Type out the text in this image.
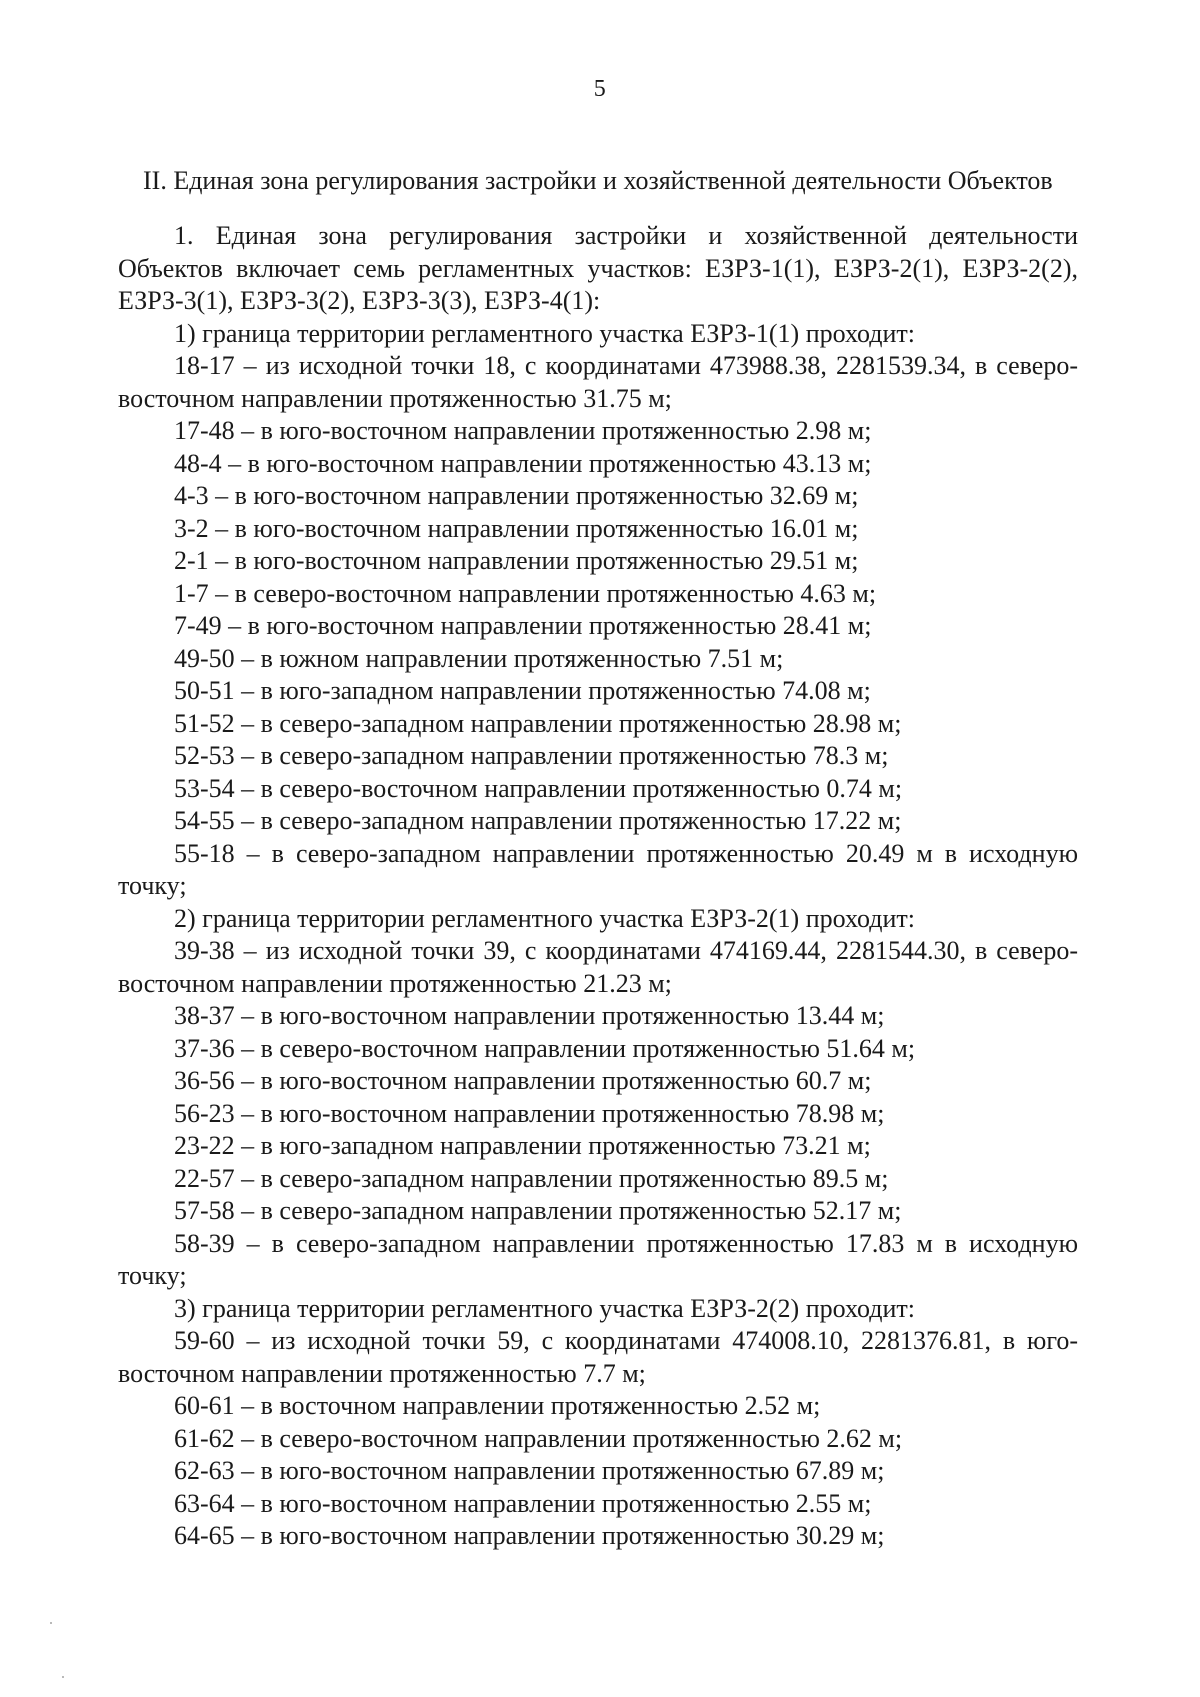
5
II. Единая зона регулирования застройки и хозяйственной деятельности Объектов

1. Единая зона регулирования застройки и хозяйственной деятельности

Объектов включает семь регламентных участков: ЕЗРЗ-1(1), ЕЗРЗ-2(1), ЕЗРЗ-2(2),

ЕЗРЗ-3(1), ЕЗРЗ-3(2), ЕЗРЗ-3(3), ЕЗРЗ-4(1):

1) граница территории регламентного участка ЕЗРЗ-1(1) проходит:

18-17 – из исходной точки 18, с координатами 473988.38, 2281539.34, в северо-

восточном направлении протяженностью 31.75 м;

17-48 – в юго-восточном направлении протяженностью 2.98 м;

48-4 – в юго-восточном направлении протяженностью 43.13 м;

4-3 – в юго-восточном направлении протяженностью 32.69 м;

3-2 – в юго-восточном направлении протяженностью 16.01 м;

2-1 – в юго-восточном направлении протяженностью 29.51 м;

1-7 – в северо-восточном направлении протяженностью 4.63 м;

7-49 – в юго-восточном направлении протяженностью 28.41 м;

49-50 – в южном направлении протяженностью 7.51 м;

50-51 – в юго-западном направлении протяженностью 74.08 м;

51-52 – в северо-западном направлении протяженностью 28.98 м;

52-53 – в северо-западном направлении протяженностью 78.3 м;

53-54 – в северо-восточном направлении протяженностью 0.74 м;

54-55 – в северо-западном направлении протяженностью 17.22 м;

55-18 – в северо-западном направлении протяженностью 20.49 м в исходную

точку;

2) граница территории регламентного участка ЕЗРЗ-2(1) проходит:

39-38 – из исходной точки 39, с координатами 474169.44, 2281544.30, в северо-

восточном направлении протяженностью 21.23 м;

38-37 – в юго-восточном направлении протяженностью 13.44 м;

37-36 – в северо-восточном направлении протяженностью 51.64 м;

36-56 – в юго-восточном направлении протяженностью 60.7 м;

56-23 – в юго-восточном направлении протяженностью 78.98 м;

23-22 – в юго-западном направлении протяженностью 73.21 м;

22-57 – в северо-западном направлении протяженностью 89.5 м;

57-58 – в северо-западном направлении протяженностью 52.17 м;

58-39 – в северо-западном направлении протяженностью 17.83 м в исходную

точку;

3) граница территории регламентного участка ЕЗРЗ-2(2) проходит:

59-60 – из исходной точки 59, с координатами 474008.10, 2281376.81, в юго-

восточном направлении протяженностью 7.7 м;

60-61 – в восточном направлении протяженностью 2.52 м;

61-62 – в северо-восточном направлении протяженностью 2.62 м;

62-63 – в юго-восточном направлении протяженностью 67.89 м;

63-64 – в юго-восточном направлении протяженностью 2.55 м;

64-65 – в юго-восточном направлении протяженностью 30.29 м;
